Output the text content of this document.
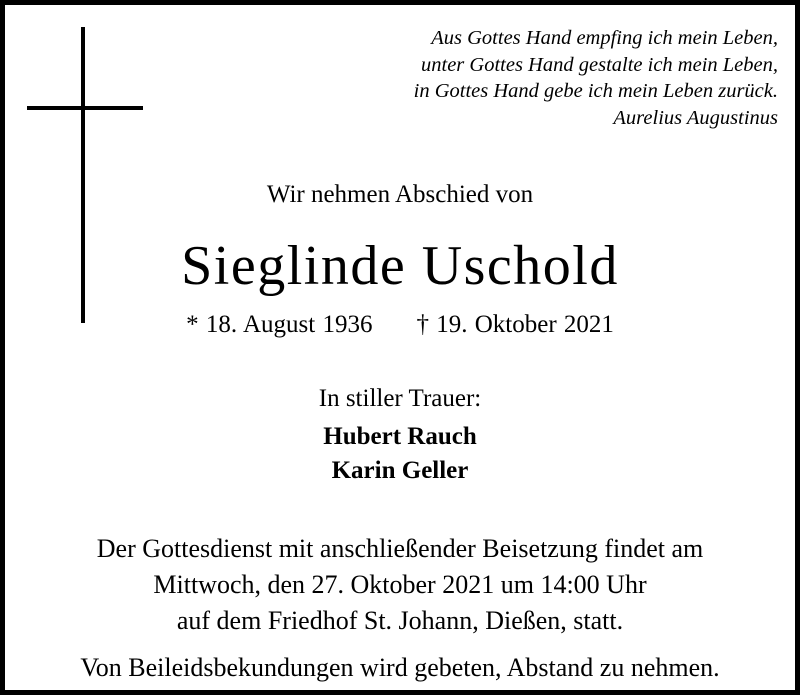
Aus Gottes Hand empfing ich mein Leben,
unter Gottes Hand gestalte ich mein Leben,
in Gottes Hand gebe ich mein Leben zurück.
Aurelius Augustinus
Wir nehmen Abschied von
Sieglinde Uschold
* 18. August 1936 † 19. Oktober 2021
In stiller Trauer:
Hubert Rauch
Karin Geller
Der Gottesdienst mit anschließender Beisetzung findet am
Mittwoch, den 27. Oktober 2021 um 14:00 Uhr
auf dem Friedhof St. Johann, Dießen, statt.
Von Beileidsbekundungen wird gebeten, Abstand zu nehmen.
